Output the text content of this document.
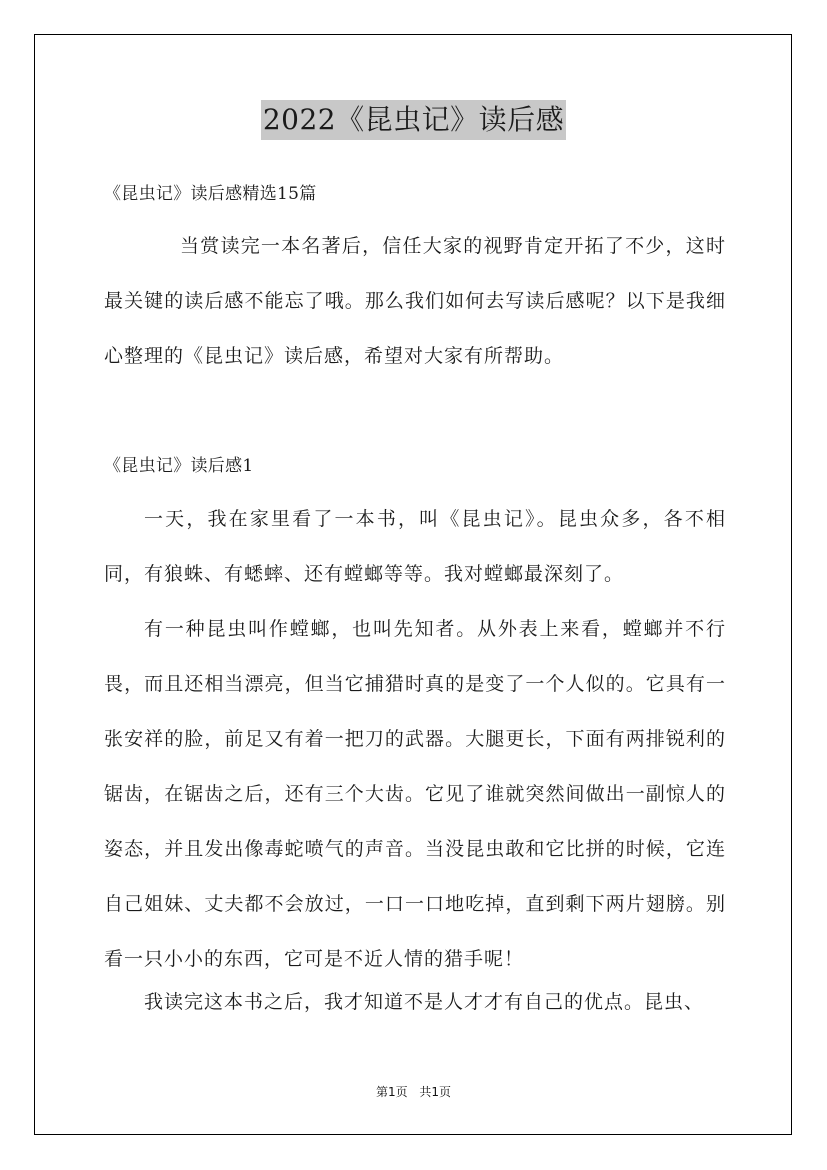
2022《昆虫记》读后感
《昆虫记》读后感精选15篇

当赏读完一本名著后，信任大家的视野肯定开拓了不少，这时最关键的读后感不能忘了哦。那么我们如何去写读后感呢？以下是我细心整理的《昆虫记》读后感，希望对大家有所帮助。

《昆虫记》读后感1

一天，我在家里看了一本书，叫《昆虫记》。昆虫众多，各不相同，有狼蛛、有蟋蟀、还有螳螂等等。我对螳螂最深刻了。

有一种昆虫叫作螳螂，也叫先知者。从外表上来看，螳螂并不行畏，而且还相当漂亮，但当它捕猎时真的是变了一个人似的。它具有一张安祥的脸，前足又有着一把刀的武器。大腿更长，下面有两排锐利的锯齿，在锯齿之后，还有三个大齿。它见了谁就突然间做出一副惊人的姿态，并且发出像毒蛇喷气的声音。当没昆虫敢和它比拼的时候，它连自己姐妹、丈夫都不会放过，一口一口地吃掉，直到剩下两片翅膀。别看一只小小的东西，它可是不近人情的猎手呢！

我读完这本书之后，我才知道不是人才才有自己的优点。昆虫、

第1页 共1页
